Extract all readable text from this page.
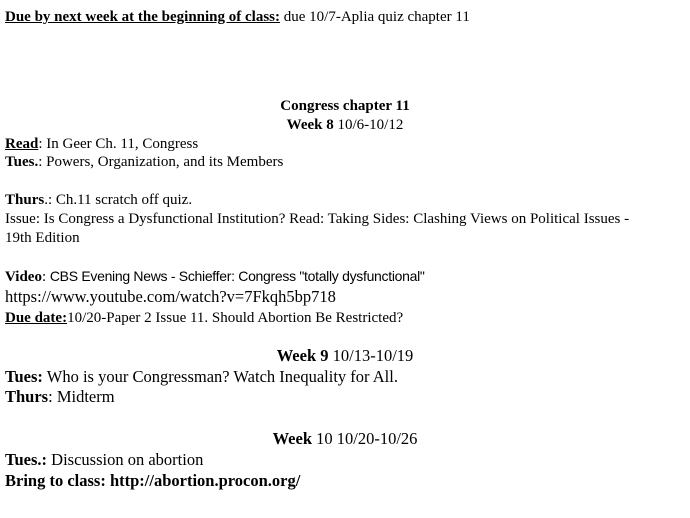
Due by next week at the beginning of class: due 10/7-Aplia quiz chapter 11
Congress chapter 11
Week 8 10/6-10/12
Read: In Geer Ch. 11, Congress
Tues.: Powers, Organization, and its Members
Thurs.: Ch.11 scratch off quiz.
Issue: Is Congress a Dysfunctional Institution? Read: Taking Sides: Clashing Views on Political Issues -
19th Edition
Video: CBS Evening News - Schieffer: Congress "totally dysfunctional"
https://www.youtube.com/watch?v=7Fkqh5bp718
Due date:10/20-Paper 2 Issue 11. Should Abortion Be Restricted?
Week 9 10/13-10/19
Tues: Who is your Congressman? Watch Inequality for All.
Thurs: Midterm
Week 10 10/20-10/26
Tues.: Discussion on abortion
Bring to class: http://abortion.procon.org/
